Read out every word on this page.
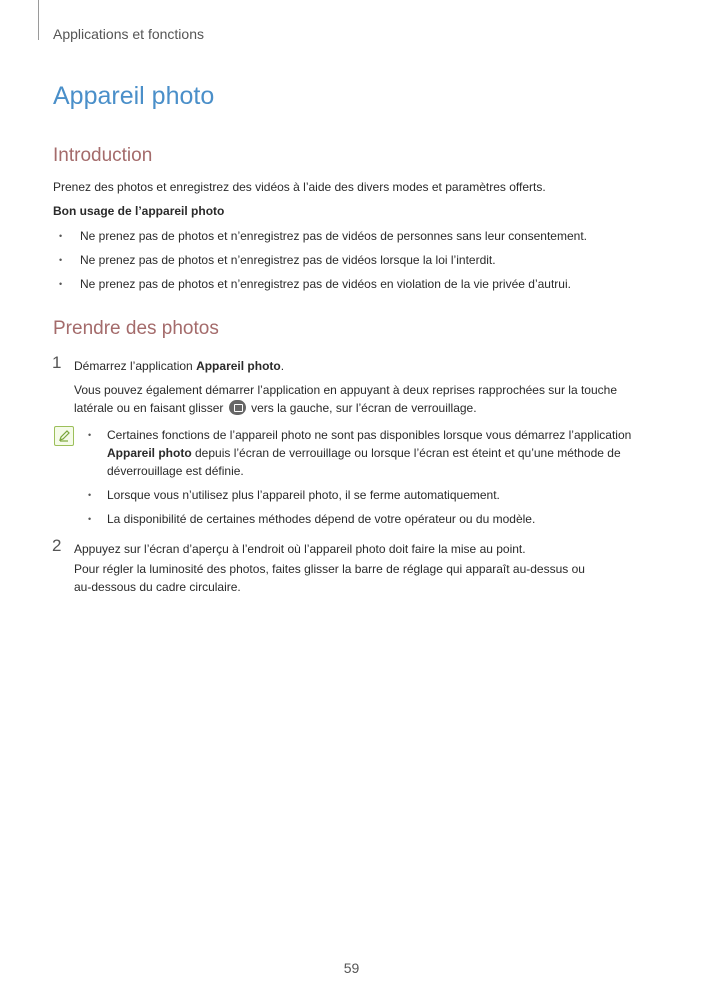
Applications et fonctions
Appareil photo
Introduction
Prenez des photos et enregistrez des vidéos à l’aide des divers modes et paramètres offerts.
Bon usage de l’appareil photo
• Ne prenez pas de photos et n’enregistrez pas de vidéos de personnes sans leur consentement.
• Ne prenez pas de photos et n’enregistrez pas de vidéos lorsque la loi l’interdit.
• Ne prenez pas de photos et n’enregistrez pas de vidéos en violation de la vie privée d’autrui.
Prendre des photos
1 Démarrez l’application Appareil photo.
Vous pouvez également démarrer l’application en appuyant à deux reprises rapprochées sur la touche latérale ou en faisant glisser vers la gauche, sur l’écran de verrouillage.
• Certaines fonctions de l’appareil photo ne sont pas disponibles lorsque vous démarrez l’application Appareil photo depuis l’écran de verrouillage ou lorsque l’écran est éteint et qu’une méthode de déverrouillage est définie.
• Lorsque vous n’utilisez plus l’appareil photo, il se ferme automatiquement.
• La disponibilité de certaines méthodes dépend de votre opérateur ou du modèle.
2 Appuyez sur l’écran d’aperçu à l’endroit où l’appareil photo doit faire la mise au point.
Pour régler la luminosité des photos, faites glisser la barre de réglage qui apparaît au-dessus ou au-dessous du cadre circulaire.
59
